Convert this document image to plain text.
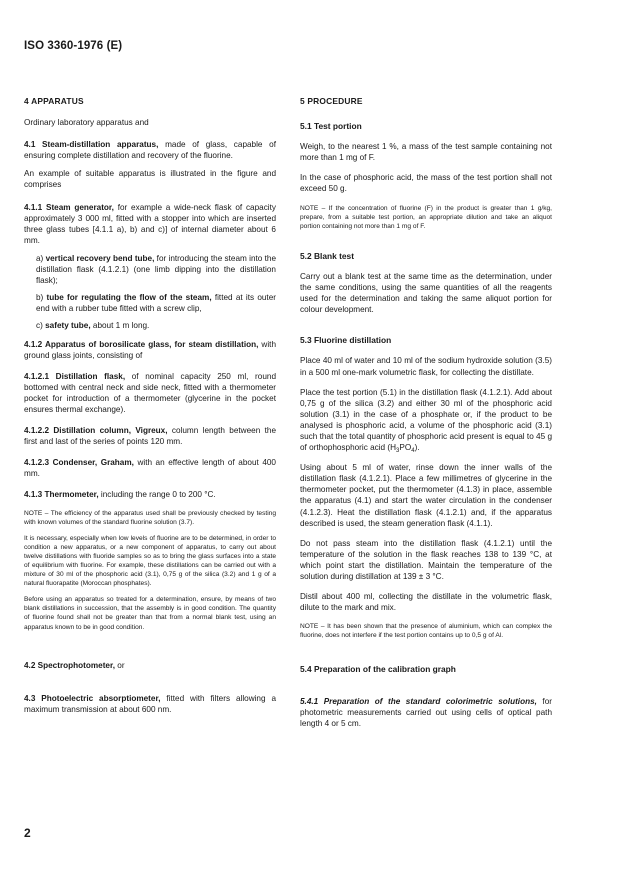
ISO 3360-1976 (E)
4 APPARATUS

Ordinary laboratory apparatus and

4.1 Steam-distillation apparatus, made of glass, capable of ensuring complete distillation and recovery of the fluorine.

An example of suitable apparatus is illustrated in the figure and comprises

4.1.1 Steam generator, for example a wide-neck flask of capacity approximately 3 000 ml, fitted with a stopper into which are inserted three glass tubes [4.1.1 a), b) and c)] of internal diameter about 6 mm.

a) vertical recovery bend tube, for introducing the steam into the distillation flask (4.1.2.1) (one limb dipping into the distillation flask);
b) tube for regulating the flow of the steam, fitted at its outer end with a rubber tube fitted with a screw clip,
c) safety tube, about 1 m long.

4.1.2 Apparatus of borosilicate glass, for steam distillation, with ground glass joints, consisting of

4.1.2.1 Distillation flask, of nominal capacity 250 ml, round bottomed with central neck and side neck, fitted with a thermometer pocket for introduction of a thermometer (glycerine in the pocket ensures thermal exchange).

4.1.2.2 Distillation column, Vigreux, column length between the first and last of the series of points 120 mm.

4.1.2.3 Condenser, Graham, with an effective length of about 400 mm.

4.1.3 Thermometer, including the range 0 to 200 °C.

NOTE – The efficiency of the apparatus used shall be previously checked by testing with known volumes of the standard fluorine solution (3.7).

It is necessary, especially when low levels of fluorine are to be determined, in order to condition a new apparatus, or a new component of apparatus, to carry out about twelve distillations with fluoride samples so as to bring the glass surfaces into a state of equilibrium with fluorine. For example, these distillations can be carried out with a mixture of 30 ml of the phosphoric acid (3.1), 0,75 g of the silica (3.2) and 1 g of a natural fluorapatite (Moroccan phosphates).

Before using an apparatus so treated for a determination, ensure, by means of two blank distillations in succession, that the assembly is in good condition. The quantity of fluorine found shall not be greater than that from a normal blank test, using an apparatus known to be in good condition.

4.2 Spectrophotometer, or

4.3 Photoelectric absorptiometer, fitted with filters allowing a maximum transmission at about 600 nm.

5 PROCEDURE
5.1 Test portion

Weigh, to the nearest 1 %, a mass of the test sample containing not more than 1 mg of F.

In the case of phosphoric acid, the mass of the test portion shall not exceed 50 g.

NOTE – If the concentration of fluorine (F) in the product is greater than 1 g/kg, prepare, from a suitable test portion, an appropriate dilution and take an aliquot portion containing not more than 1 mg of F.

5.2 Blank test

Carry out a blank test at the same time as the determination, under the same conditions, using the same quantities of all the reagents used for the determination and taking the same aliquot portion for colour development.

5.3 Fluorine distillation

Place 40 ml of water and 10 ml of the sodium hydroxide solution (3.5) in a 500 ml one-mark volumetric flask, for collecting the distillate.

Place the test portion (5.1) in the distillation flask (4.1.2.1). Add about 0,75 g of the silica (3.2) and either 30 ml of the phosphoric acid solution (3.1) in the case of a phosphate or, if the product to be analysed is phosphoric acid, a volume of the phosphoric acid (3.1) such that the total quantity of phosphoric acid present is equal to 45 g of orthophosphoric acid $(H_3PO_4)$.

Using about 5 ml of water, rinse down the inner walls of the distillation flask (4.1.2.1). Place a few millimetres of glycerine in the thermometer pocket, put the thermometer (4.1.3) in place, assemble the apparatus (4.1) and start the water circulation in the condenser (4.1.2.3). Heat the distillation flask (4.1.2.1) and, if the apparatus described is used, the steam generation flask (4.1.1).

Do not pass steam into the distillation flask (4.1.2.1) until the temperature of the solution in the flask reaches 138 to 139 °C, at which point start the distillation. Maintain the temperature of the solution during distillation at 139 ± 3 °C.

Distil about 400 ml, collecting the distillate in the volumetric flask, dilute to the mark and mix.

NOTE – It has been shown that the presence of aluminium, which can complex the fluorine, does not interfere if the test portion contains up to 0,5 g of Al.

5.4 Preparation of the calibration graph

5.4.1 Preparation of the standard colorimetric solutions, for photometric measurements carried out using cells of optical path length 4 or 5 cm.

2
